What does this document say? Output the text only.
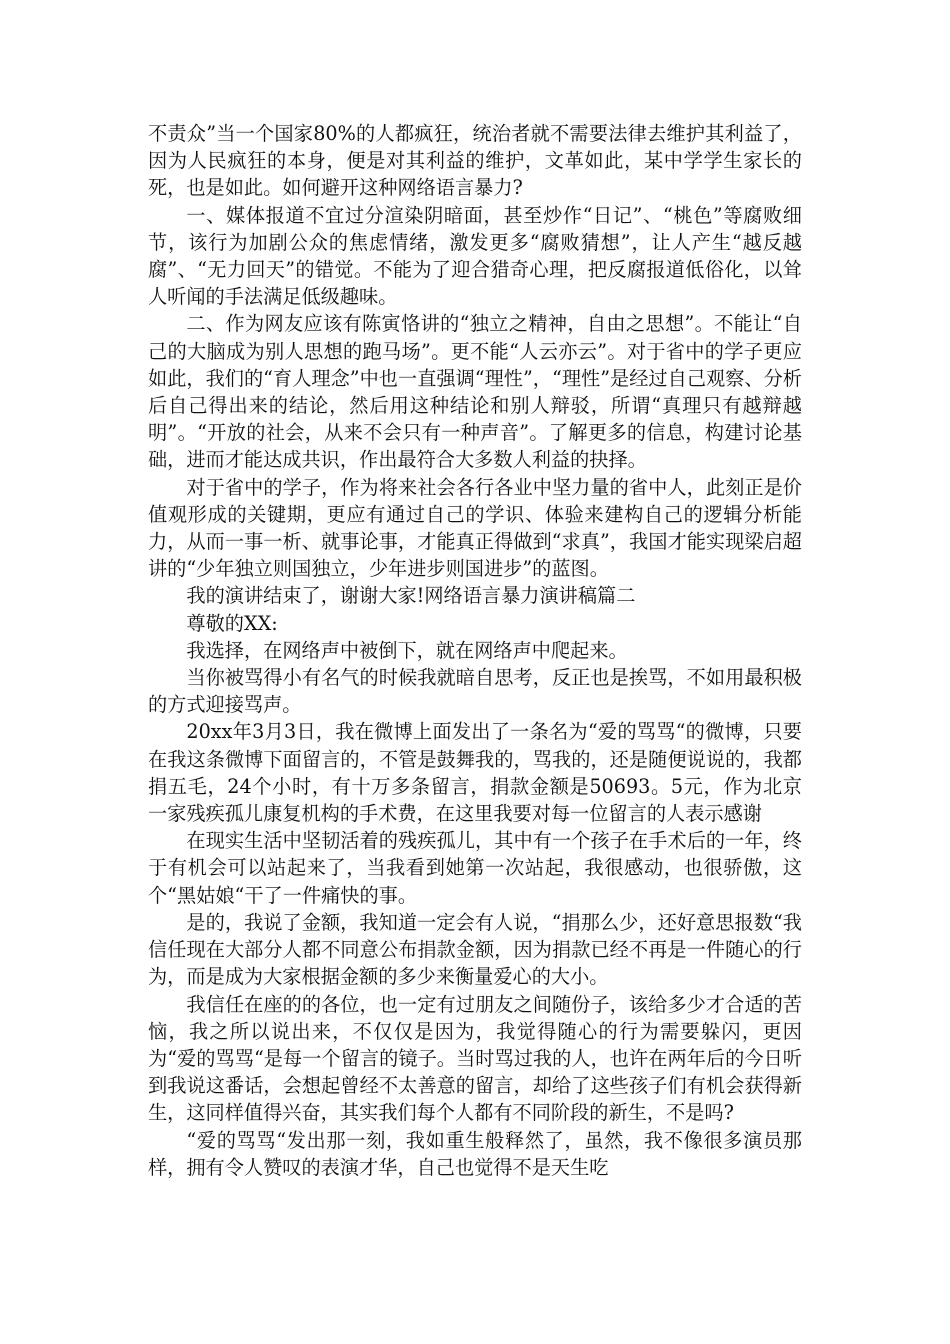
不责众”当一个国家80%的人都疯狂，统治者就不需要法律去维护其利益了，因为人民疯狂的本身，便是对其利益的维护，文革如此，某中学学生家长的死，也是如此。如何避开这种网络语言暴力?

一、媒体报道不宜过分渲染阴暗面，甚至炒作“日记”、“桃色”等腐败细节，该行为加剧公众的焦虑情绪，激发更多“腐败猜想”，让人产生“越反越腐”、“无力回天”的错觉。不能为了迎合猎奇心理，把反腐报道低俗化，以耸人听闻的手法满足低级趣味。

二、作为网友应该有陈寅恪讲的“独立之精神，自由之思想”。不能让“自己的大脑成为别人思想的跑马场”。更不能“人云亦云”。对于省中的学子更应如此，我们的“育人理念”中也一直强调“理性”，“理性”是经过自己观察、分析后自己得出来的结论，然后用这种结论和别人辩驳，所谓“真理只有越辩越明”。“开放的社会，从来不会只有一种声音”。了解更多的信息，构建讨论基础，进而才能达成共识，作出最符合大多数人利益的抉择。

对于省中的学子，作为将来社会各行各业中坚力量的省中人，此刻正是价值观形成的关键期，更应有通过自己的学识、体验来建构自己的逻辑分析能力，从而一事一析、就事论事，才能真正得做到“求真”，我国才能实现梁启超讲的“少年独立则国独立，少年进步则国进步”的蓝图。

我的演讲结束了，谢谢大家!网络语言暴力演讲稿篇二

尊敬的XX:

我选择，在网络声中被倒下，就在网络声中爬起来。

当你被骂得小有名气的时候我就暗自思考，反正也是挨骂，不如用最积极的方式迎接骂声。

20xx年3月3日，我在微博上面发出了一条名为“爱的骂骂“的微博，只要在我这条微博下面留言的，不管是鼓舞我的，骂我的，还是随便说说的，我都捐五毛，24个小时，有十万多条留言，捐款金额是50693。5元，作为北京一家残疾孤儿康复机构的手术费，在这里我要对每一位留言的人表示感谢

在现实生活中坚韧活着的残疾孤儿，其中有一个孩子在手术后的一年，终于有机会可以站起来了，当我看到她第一次站起，我很感动，也很骄傲，这个“黑姑娘“干了一件痛快的事。

是的，我说了金额，我知道一定会有人说，“捐那么少，还好意思报数“我信任现在大部分人都不同意公布捐款金额，因为捐款已经不再是一件随心的行为，而是成为大家根据金额的多少来衡量爱心的大小。

我信任在座的的各位，也一定有过朋友之间随份子，该给多少才合适的苦恼，我之所以说出来，不仅仅是因为，我觉得随心的行为需要躲闪，更因为“爱的骂骂“是每一个留言的镜子。当时骂过我的人，也许在两年后的今日听到我说这番话，会想起曾经不太善意的留言，却给了这些孩子们有机会获得新生，这同样值得兴奋，其实我们每个人都有不同阶段的新生，不是吗?

“爱的骂骂“发出那一刻，我如重生般释然了，虽然，我不像很多演员那样，拥有令人赞叹的表演才华，自己也觉得不是天生吃
